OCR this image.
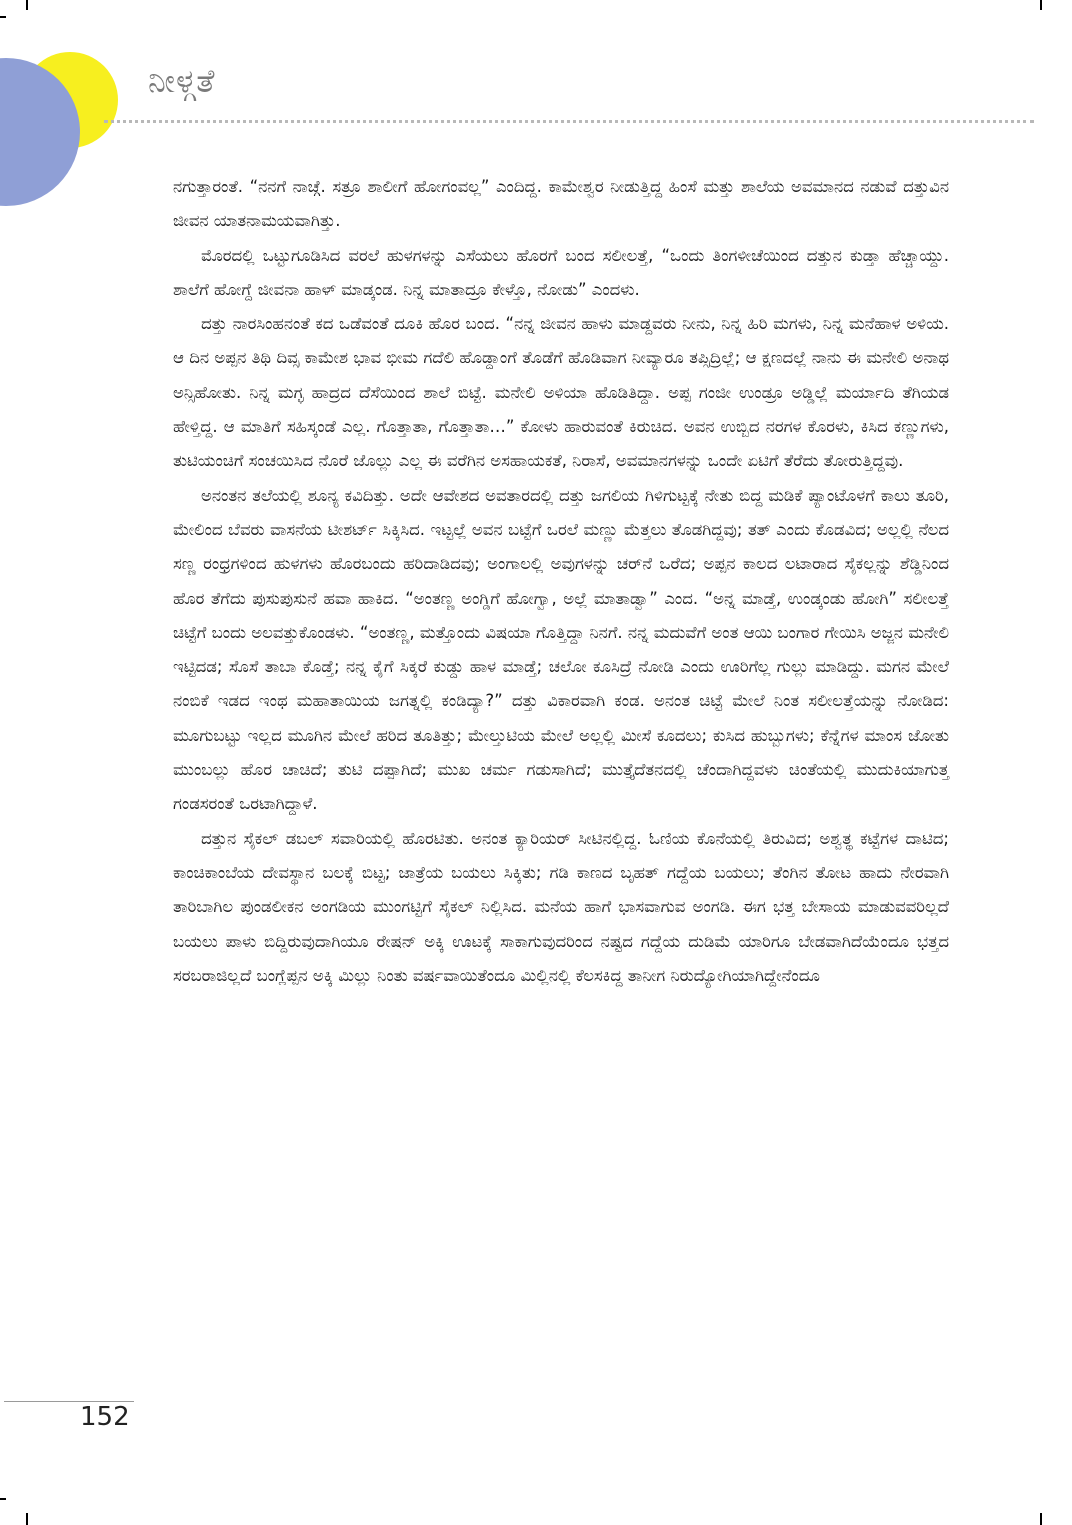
ನೀಳ್ಗತೆ

ನಗುತ್ತಾರಂತೆ. “ನನಗೆ ನಾಚ್ಗೆ. ಸತ್ರೂ ಶಾಲೀಗೆ ಹೋಗಂವಲ್ಲ” ಎಂದಿದ್ದ. ಕಾಮೇಶ್ವರ ನೀಡುತ್ತಿದ್ದ ಹಿಂಸೆ ಮತ್ತು ಶಾಲೆಯ ಅವಮಾನದ ನಡುವೆ ದತ್ತುವಿನ ಜೀವನ ಯಾತನಾಮಯವಾಗಿತ್ತು.

ಮೊರದಲ್ಲಿ ಒಟ್ಟುಗೂಡಿಸಿದ ವರಲೆ ಹುಳಗಳನ್ನು ಎಸೆಯಲು ಹೊರಗೆ ಬಂದ ಸಲೀಲತ್ತೆ, “ಒಂದು ತಿಂಗಳೀಚೆಯಿಂದ ದತ್ತುನ ಕುಡ್ತಾ ಹೆಚ್ಚಾಯ್ದು. ಶಾಲೆಗೆ ಹೋಗ್ದೆ ಜೀವನಾ ಹಾಳ್ ಮಾಡ್ಕಂಡ. ನಿನ್ನ ಮಾತಾದ್ರೂ ಕೇಳ್ತೊ, ನೋಡು” ಎಂದಳು.

ದತ್ತು ನಾರಸಿಂಹನಂತೆ ಕದ ಒಡೆವಂತೆ ದೂಕಿ ಹೊರ ಬಂದ. “ನನ್ನ ಜೀವನ ಹಾಳು ಮಾಡ್ದವರು ನೀನು, ನಿನ್ನ ಹಿರಿ ಮಗಳು, ನಿನ್ನ ಮನೆಹಾಳ ಅಳಿಯ. ಆ ದಿನ ಅಪ್ಪನ ತಿಥಿ ದಿವ್ಸ ಕಾಮೇಶ ಭಾವ ಭೀಮ ಗದೆಲಿ ಹೊಡ್ದಾಂಗೆ ತೊಡೆಗೆ ಹೊಡಿವಾಗ ನೀವ್ಯಾರೂ ತಪ್ಸಿದ್ರಿಲ್ಲೆ; ಆ ಕ್ಷಣದಲ್ಲೆ ನಾನು ಈ ಮನೇಲಿ ಅನಾಥ ಅನ್ಸಿಹೋತು. ನಿನ್ನ ಮಗ್ಳ ಹಾದ್ರದ ದೆಸೆಯಿಂದ ಶಾಲೆ ಬಿಟ್ಟೆ. ಮನೇಲಿ ಅಳಿಯಾ ಹೊಡಿತಿದ್ದಾ. ಅಪ್ಪ ಗಂಜೀ ಉಂಡ್ರೂ ಅಡ್ಡಿಲ್ಲೆ ಮರ್ಯಾದಿ ತೆಗಿಯಡ ಹೇಳ್ತಿದ್ದ. ಆ ಮಾತಿಗೆ ಸಹಿಸ್ಕಂಡೆ ಎಲ್ಲ. ಗೊತ್ತಾತಾ, ಗೊತ್ತಾತಾ…” ಕೋಳು ಹಾರುವಂತೆ ಕಿರುಚಿದ. ಅವನ ಉಬ್ಬಿದ ನರಗಳ ಕೊರಳು, ಕಿಸಿದ ಕಣ್ಣುಗಳು, ತುಟಿಯಂಚಿಗೆ ಸಂಚಯಿಸಿದ ನೊರೆ ಜೊಲ್ಲು ಎಲ್ಲ ಈ ವರೆಗಿನ ಅಸಹಾಯಕತೆ, ನಿರಾಸೆ, ಅವಮಾನಗಳನ್ನು ಒಂದೇ ಏಟಿಗೆ ತೆರೆದು ತೋರುತ್ತಿದ್ದವು.

ಅನಂತನ ತಲೆಯಲ್ಲಿ ಶೂನ್ಯ ಕವಿದಿತ್ತು. ಅದೇ ಆವೇಶದ ಅವತಾರದಲ್ಲಿ ದತ್ತು ಜಗಲಿಯ ಗಿಳಿಗುಟ್ಟಕ್ಕೆ ನೇತು ಬಿದ್ದ ಮಡಿಕೆ ಪ್ಯಾಂಟೊಳಗೆ ಕಾಲು ತೂರಿ, ಮೇಲಿಂದ ಬೆವರು ವಾಸನೆಯ ಟೀಶರ್ಟ್ ಸಿಕ್ಕಿಸಿದ. ಇಟ್ಟಲ್ಲೆ ಅವನ ಬಟ್ಟೆಗೆ ಒರಲೆ ಮಣ್ಣು ಮೆತ್ತಲು ತೊಡಗಿದ್ದವು; ತತ್ ಎಂದು ಕೊಡವಿದ; ಅಲ್ಲಲ್ಲಿ ನೆಲದ ಸಣ್ಣ ರಂಧ್ರಗಳಿಂದ ಹುಳಗಳು ಹೊರಬಂದು ಹರಿದಾಡಿದವು; ಅಂಗಾಲಲ್ಲಿ ಅವುಗಳನ್ನು ಚರ್‌ನೆ ಒರೆದ; ಅಪ್ಪನ ಕಾಲದ ಲಟಾರಾದ ಸೈಕಲ್ಲನ್ನು ಶೆಡ್ಡಿನಿಂದ ಹೊರ ತೆಗೆದು ಪುಸುಪುಸುನೆ ಹವಾ ಹಾಕಿದ. “ಅಂತಣ್ಣ ಅಂಗ್ಡಿಗೆ ಹೋಗ್ವಾ, ಅಲ್ಲೆ ಮಾತಾಡ್ವಾ” ಎಂದ. “ಅನ್ನ ಮಾಡ್ತೆ, ಉಂಡ್ಕಂಡು ಹೋಗಿ” ಸಲೀಲತ್ತೆ ಚಿಟ್ಟೆಗೆ ಬಂದು ಅಲವತ್ತುಕೊಂಡಳು. “ಅಂತಣ್ಣ, ಮತ್ತೊಂದು ವಿಷಯಾ ಗೊತ್ತಿದ್ದಾ ನಿನಗೆ. ನನ್ನ ಮದುವೆಗೆ ಅಂತ ಆಯಿ ಬಂಗಾರ ಗೇಯಿಸಿ ಅಜ್ಜನ ಮನೇಲಿ ಇಟ್ಟಿದಡ; ಸೊಸೆ ತಾಬಾ ಕೊಡ್ತೆ; ನನ್ನ ಕೈಗೆ ಸಿಕ್ಕರೆ ಕುಡ್ದು ಹಾಳ ಮಾಡ್ತೆ; ಚಲೋ ಕೂಸಿದ್ರೆ ನೋಡಿ ಎಂದು ಊರಿಗೆಲ್ಲ ಗುಲ್ಲು ಮಾಡಿದ್ದು. ಮಗನ ಮೇಲೆ ನಂಬಿಕೆ ಇಡದ ಇಂಥ ಮಹಾತಾಯಿಯ ಜಗತ್ನಲ್ಲಿ ಕಂಡಿದ್ಯಾ?” ದತ್ತು ವಿಕಾರವಾಗಿ ಕಂಡ. ಅನಂತ ಚಿಟ್ಟೆ ಮೇಲೆ ನಿಂತ ಸಲೀಲತ್ತೆಯನ್ನು ನೋಡಿದ: ಮೂಗುಬಟ್ಟು ಇಲ್ಲದ ಮೂಗಿನ ಮೇಲೆ ಹರಿದ ತೂತಿತ್ತು; ಮೇಲ್ತುಟಿಯ ಮೇಲೆ ಅಲ್ಲಲ್ಲಿ ಮೀಸೆ ಕೂದಲು; ಕುಸಿದ ಹುಬ್ಬುಗಳು; ಕೆನ್ನೆಗಳ ಮಾಂಸ ಜೋತು ಮುಂಬಲ್ಲು ಹೊರ ಚಾಚಿದೆ; ತುಟಿ ದಪ್ಪಾಗಿದೆ; ಮುಖ ಚರ್ಮ ಗಡುಸಾಗಿದೆ; ಮುತ್ತೈದೆತನದಲ್ಲಿ ಚೆಂದಾಗಿದ್ದವಳು ಚಿಂತೆಯಲ್ಲಿ ಮುದುಕಿಯಾಗುತ್ತ ಗಂಡಸರಂತೆ ಒರಟಾಗಿದ್ದಾಳೆ.

ದತ್ತುನ ಸೈಕಲ್ ಡಬಲ್ ಸವಾರಿಯಲ್ಲಿ ಹೊರಟಿತು. ಅನಂತ ಕ್ಯಾರಿಯರ್ ಸೀಟಿನಲ್ಲಿದ್ದ. ಓಣಿಯ ಕೊನೆಯಲ್ಲಿ ತಿರುವಿದ; ಅಶ್ವತ್ಥ ಕಟ್ಟೆಗಳ ದಾಟಿದ; ಕಾಂಚಿಕಾಂಬೆಯ ದೇವಸ್ಥಾನ ಬಲಕ್ಕೆ ಬಿಟ್ಟ; ಜಾತ್ರೆಯ ಬಯಲು ಸಿಕ್ಕಿತು; ಗಡಿ ಕಾಣದ ಬೃಹತ್ ಗದ್ದೆಯ ಬಯಲು; ತೆಂಗಿನ ತೋಟ ಹಾದು ನೇರವಾಗಿ ತಾರಿಬಾಗಿಲ ಪುಂಡಲೀಕನ ಅಂಗಡಿಯ ಮುಂಗಟ್ಟಿಗೆ ಸೈಕಲ್ ನಿಲ್ಲಿಸಿದ. ಮನೆಯ ಹಾಗೆ ಭಾಸವಾಗುವ ಅಂಗಡಿ. ಈಗ ಭತ್ತ ಬೇಸಾಯ ಮಾಡುವವರಿಲ್ಲದೆ ಬಯಲು ಪಾಳು ಬಿದ್ದಿರುವುದಾಗಿಯೂ ರೇಷನ್ ಅಕ್ಕಿ ಊಟಕ್ಕೆ ಸಾಕಾಗುವುದರಿಂದ ನಷ್ಟದ ಗದ್ದೆಯ ದುಡಿಮೆ ಯಾರಿಗೂ ಬೇಡವಾಗಿದೆಯೆಂದೂ ಭತ್ತದ ಸರಬರಾಜಿಲ್ಲದೆ ಬಂಗ್ಲೆಪ್ಪನ ಅಕ್ಕಿ ಮಿಲ್ಲು ನಿಂತು ವರ್ಷವಾಯಿತೆಂದೂ ಮಿಲ್ಲಿನಲ್ಲಿ ಕೆಲಸಕಿದ್ದ ತಾನೀಗ ನಿರುದ್ಯೋಗಿಯಾಗಿದ್ದೇನೆಂದೂ

152
